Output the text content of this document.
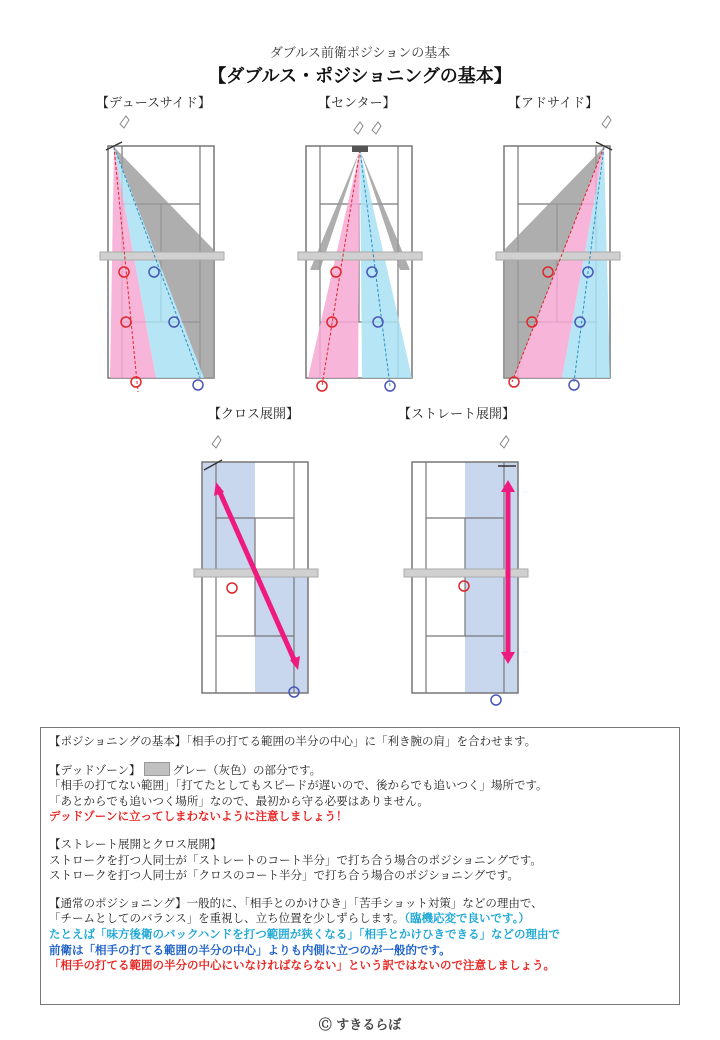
ダブルス前衛ポジションの基本
【ダブルス・ポジショニングの基本】
【デュースサイド】	【センター】	【アドサイド】
【クロス展開】	【ストレート展開】

【ポジショニングの基本】「相手の打てる範囲の半分の中心」に「利き腕の肩」を合わせます。

【デッドゾーン】	グレー（灰色）の部分です。

「相手の打てない範囲」「打てたとしてもスピードが遅いので、後からでも追いつく」場所です。

「あとからでも追いつく場所」なので、最初から守る必要はありません。

デッドゾーンに立ってしまわないように注意しましょう！

【ストレート展開とクロス展開】

ストロークを打つ人同士が「ストレートのコート半分」で打ち合う場合のポジショニングです。

ストロークを打つ人同士が「クロスのコート半分」で打ち合う場合のポジショニングです。

【通常のポジショニング】一般的に、「相手とのかけひき」「苦手ショット対策」などの理由で、

「チームとしてのバランス」を重視し、立ち位置を少しずらします。（臨機応変で良いです。）

たとえば「味方後衛のバックハンドを打つ範囲が狭くなる」「相手とかけひきできる」などの理由で

前衛は「相手の打てる範囲の半分の中心」よりも内側に立つのが一般的です。

「相手の打てる範囲の半分の中心にいなければならない」という訳ではないので注意しましょう。

Ⓒ すきるらぼ
